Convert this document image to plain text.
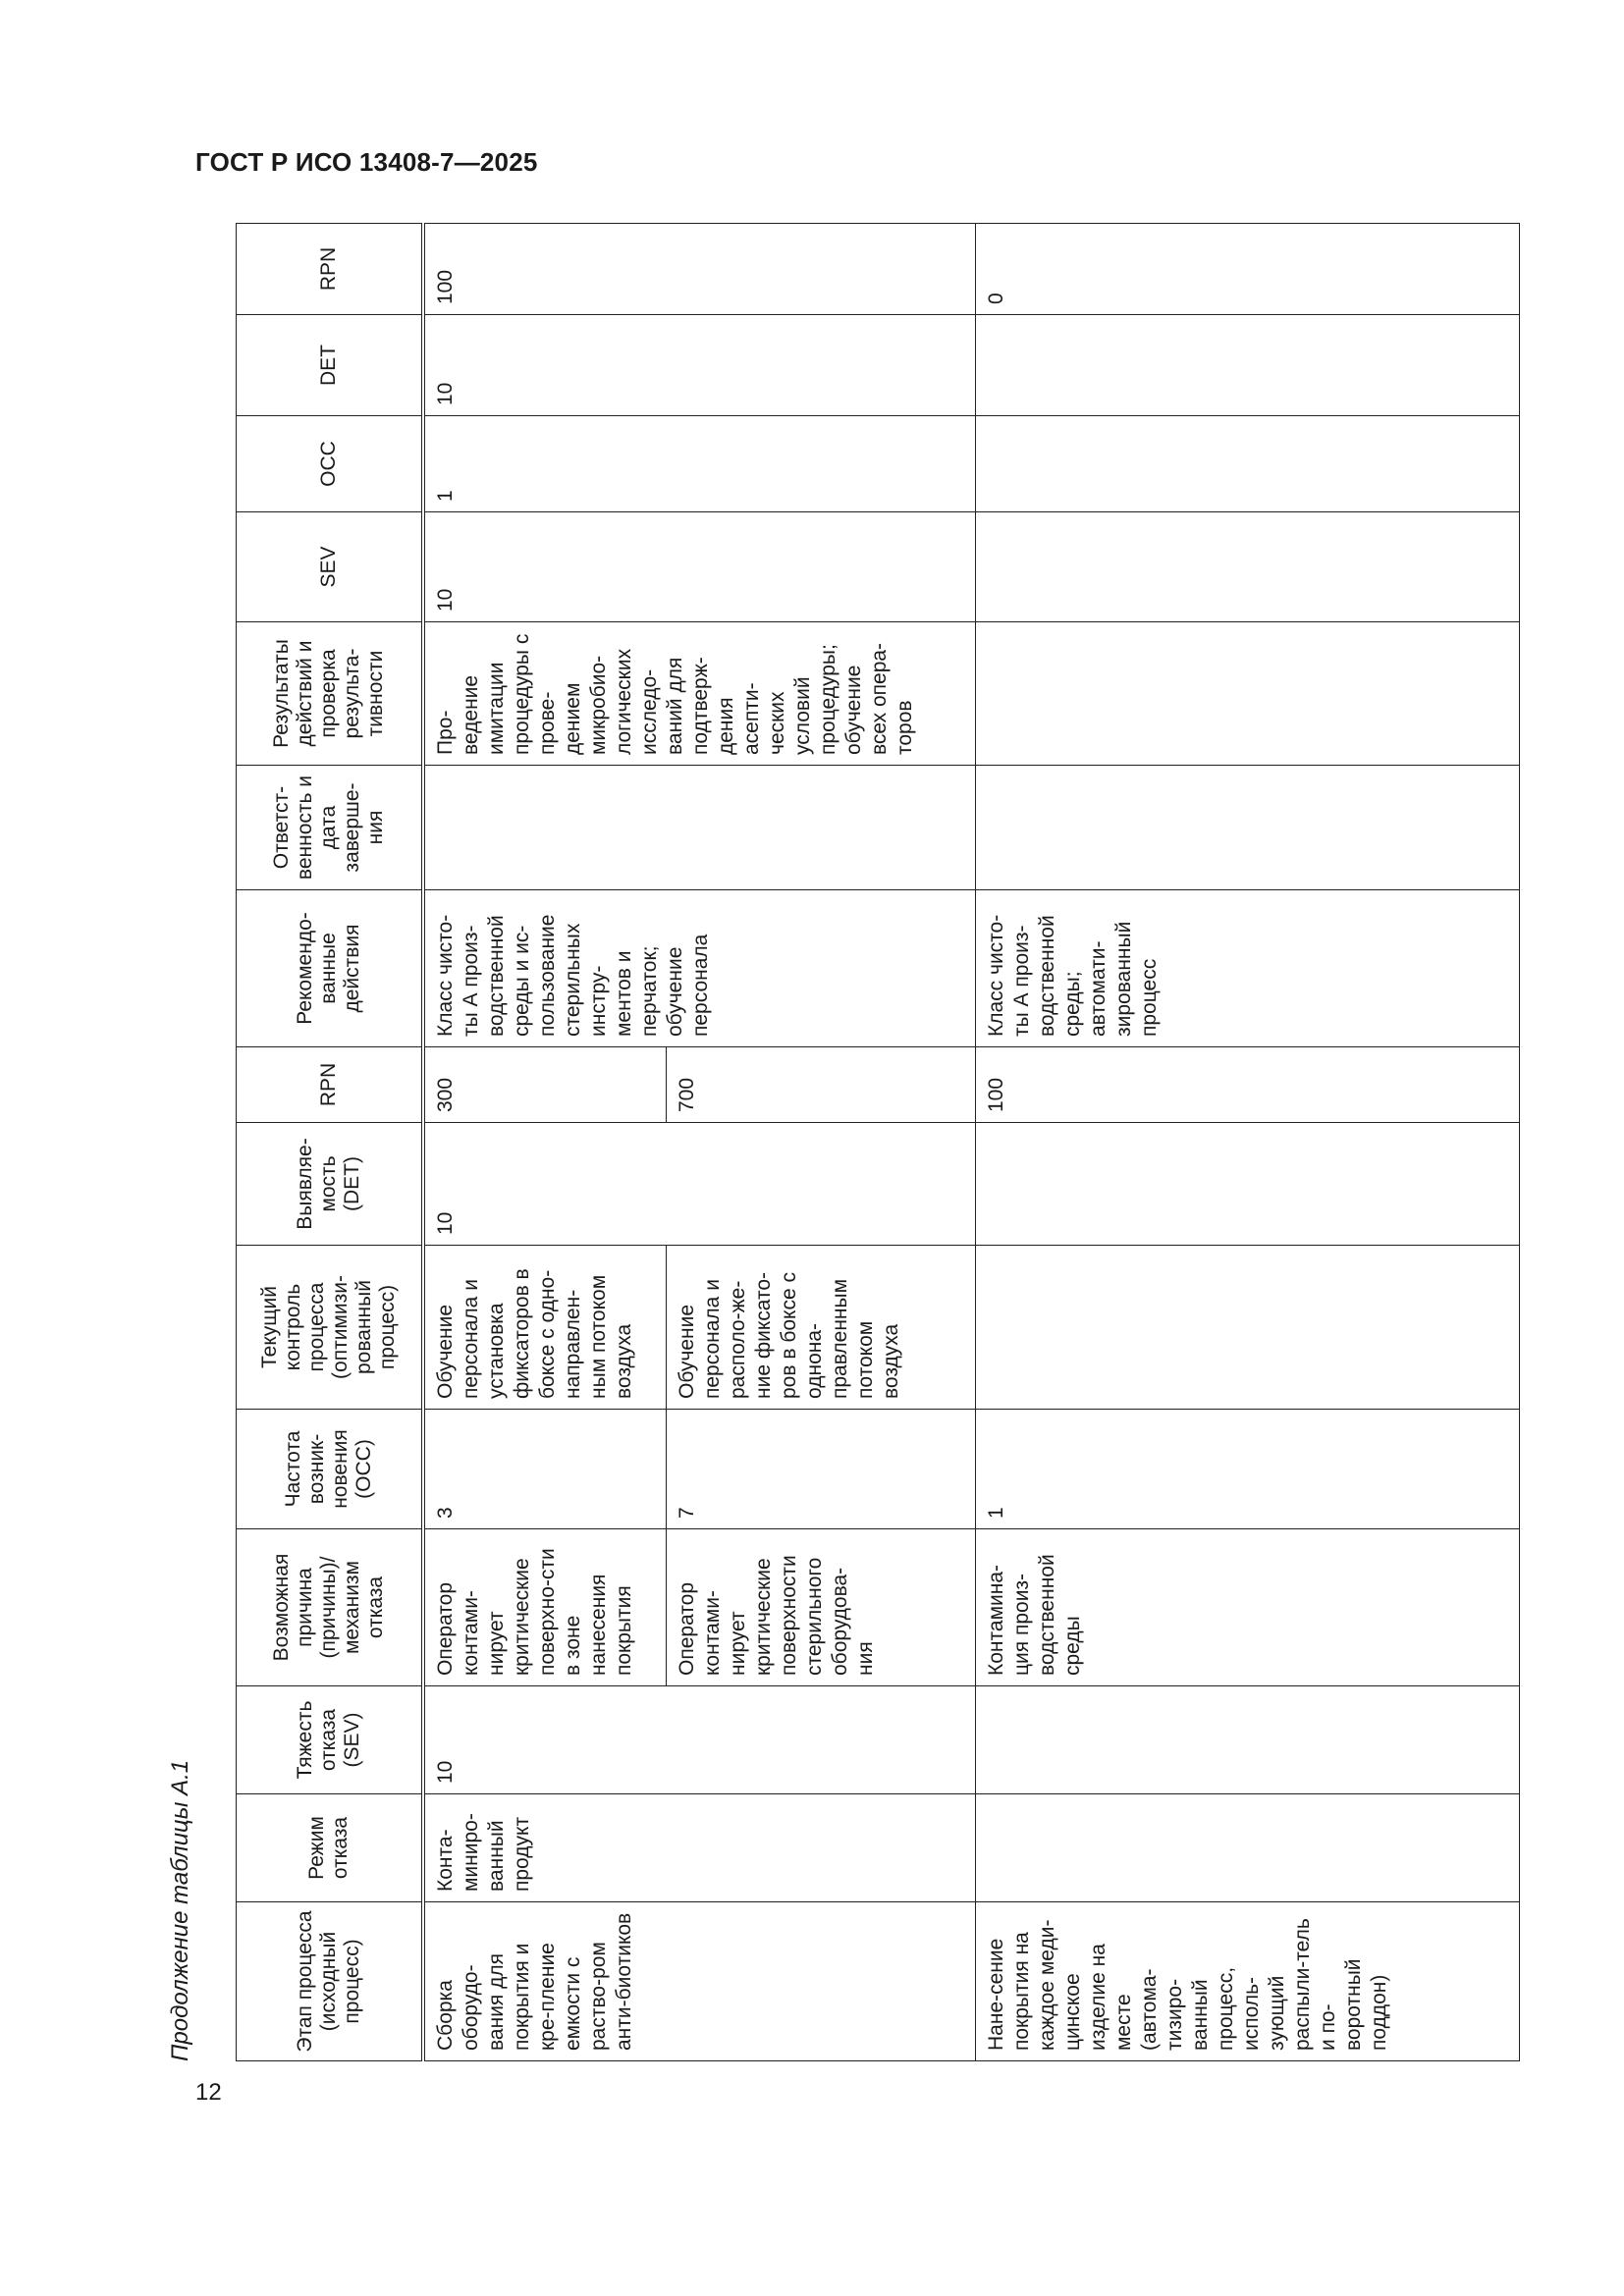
ГОСТ Р ИСО 13408-7—2025
12
Продолжение таблицы А.1	Этап процесса (исходный процесс)	Режим отказа	Тяжесть отказа (SEV)	Возможная причина (причины)/ механизм отказа	Частота возник-новения (OCC)	Текущий контроль процесса (оптимизи-рованный процесс)	Выявляе-мость (DET)	RPN	Рекомендо-ванные действия	Ответст-венность и дата заверше-ния	Результаты действий и проверка результа-тивности	SEV	OCC	DET	RPN
Сборка оборудо-вания для покрытия и кре-пление емкости с раство-ром анти-биотиков	Конта-миниро-ванный продукт	10	Оператор контами-нирует критические поверхно-сти в зоне нанесения покрытия	3	Обучение персонала и установка фиксаторов в боксе с одно-направлен-ным потоком воздуха	10	300	Класс чисто-ты А произ-водственной среды и ис-пользование стерильных инстру-ментов и перчаток; обучение персонала		Про-ведение имитации процедуры с прове-дением микробио-логических исследо-ваний для подтверж-дения асепти-ческих условий процедуры; обучение всех опера-торов	10	1	10	100
			Оператор контами-нирует критические поверхности стерильного оборудова-ния	7	Обучение персонала и располо-же-ние фиксато-ров в боксе с однона-правленным потоком воздуха		700							
Нане-сение покрытия на каждое меди-цинское изделие на месте (автома-тизиро-ванный процесс, исполь-зующий распыли-тель и по-воротный поддон)			Контамина-ция произ-водственной среды	1			100	Класс чисто-ты А произ-водственной среды; автомати-зированный процесс						0
